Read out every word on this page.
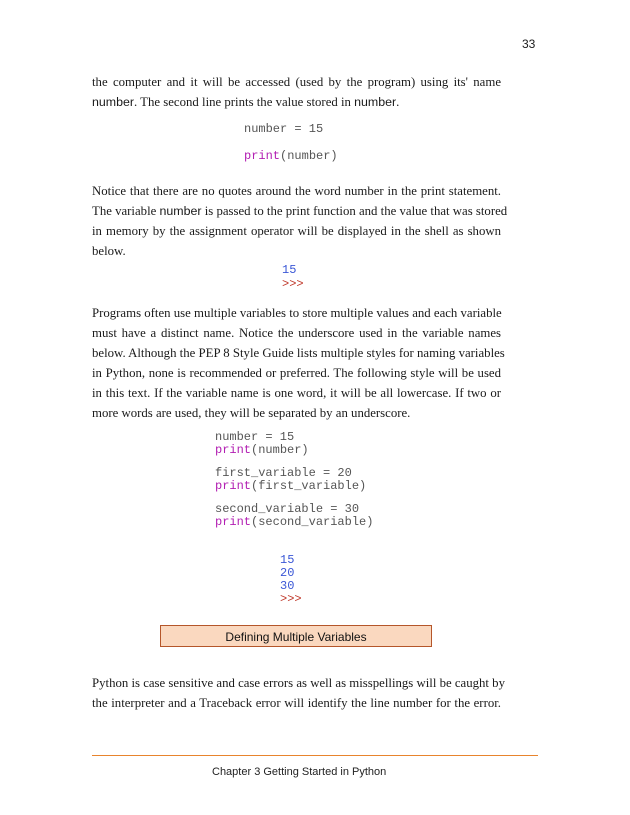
33
the computer and it will be accessed (used by the program) using its' name
number. The second line prints the value stored in number.
number = 15
print(number)
Notice that there are no quotes around the word number in the print statement.
The variable number is passed to the print function and the value that was stored
in memory by the assignment operator will be displayed in the shell as shown
below.
15
>>>
Programs often use multiple variables to store multiple values and each variable
must have a distinct name. Notice the underscore used in the variable names
below. Although the PEP 8 Style Guide lists multiple styles for naming variables
in Python, none is recommended or preferred. The following style will be used
in this text. If the variable name is one word, it will be all lowercase. If two or
more words are used, they will be separated by an underscore.
number = 15
print(number)
first_variable = 20
print(first_variable)
second_variable = 30
print(second_variable)
15
20
30
>>>
Defining Multiple Variables
Python is case sensitive and case errors as well as misspellings will be caught by
the interpreter and a Traceback error will identify the line number for the error.
Chapter 3 Getting Started in Python
